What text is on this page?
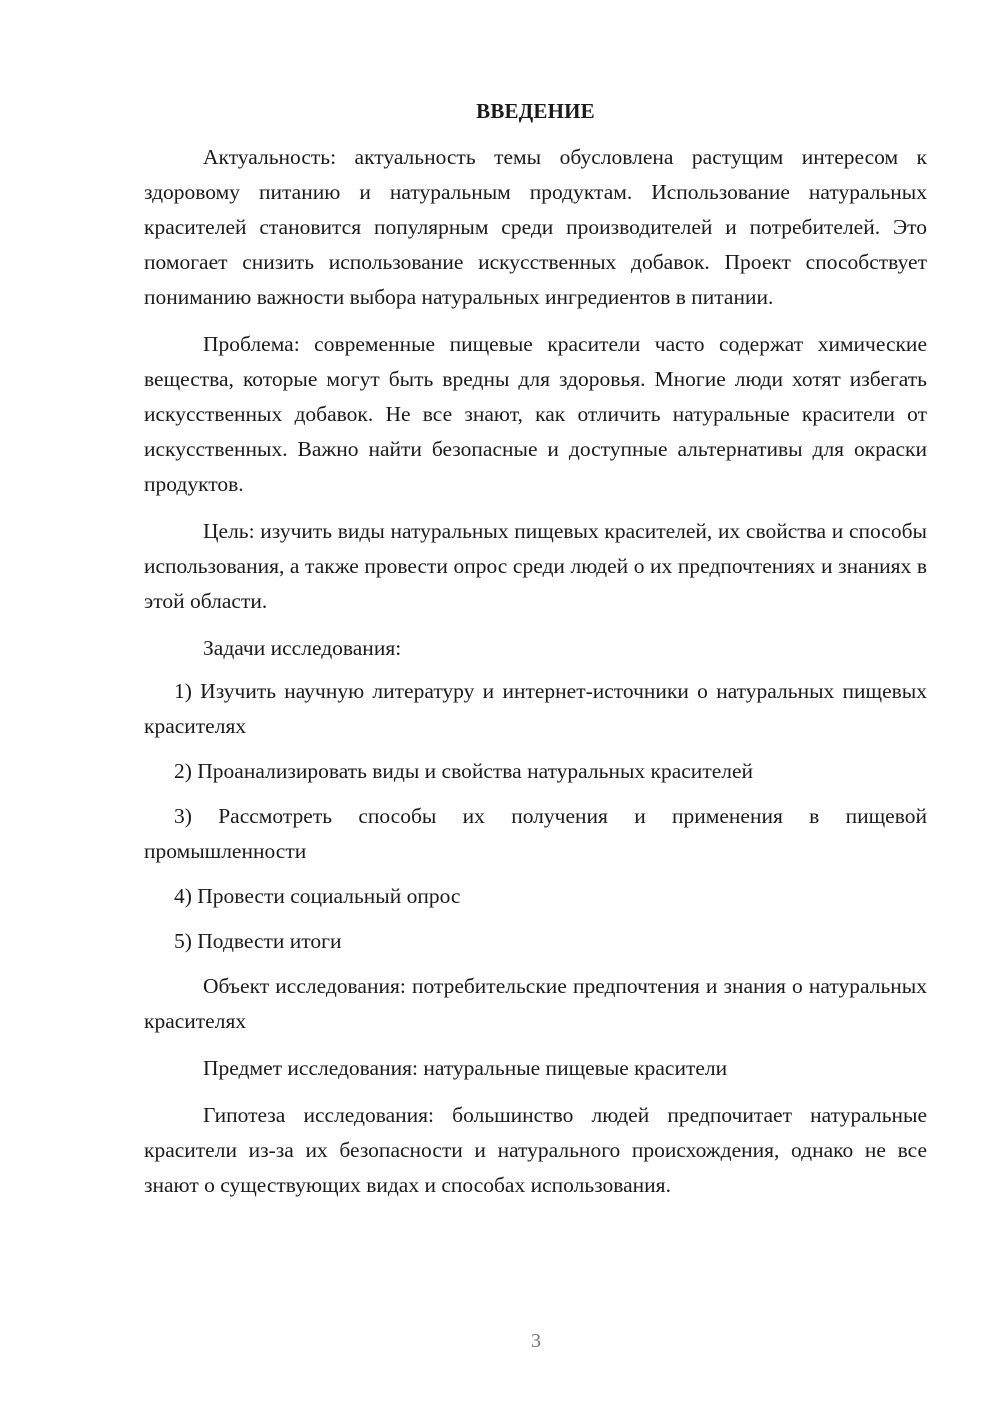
ВВЕДЕНИЕ

Актуальность: актуальность темы обусловлена растущим интересом к здоровому питанию и натуральным продуктам. Использование натуральных красителей становится популярным среди производителей и потребителей. Это помогает снизить использование искусственных добавок. Проект способствует пониманию важности выбора натуральных ингредиентов в питании.

Проблема: современные пищевые красители часто содержат химические вещества, которые могут быть вредны для здоровья. Многие люди хотят избегать искусственных добавок. Не все знают, как отличить натуральные красители от искусственных. Важно найти безопасные и доступные альтернативы для окраски продуктов.

Цель: изучить виды натуральных пищевых красителей, их свойства и способы использования, а также провести опрос среди людей о их предпочтениях и знаниях в этой области.

Задачи исследования:

1) Изучить научную литературу и интернет-источники о натуральных пищевых красителях

2) Проанализировать виды и свойства натуральных красителей

3) Рассмотреть способы их получения и применения в пищевой промышленности

4) Провести социальный опрос

5) Подвести итоги

Объект исследования: потребительские предпочтения и знания о натуральных красителях

Предмет исследования: натуральные пищевые красители

Гипотеза исследования: большинство людей предпочитает натуральные красители из-за их безопасности и натурального происхождения, однако не все знают о существующих видах и способах использования.

3
